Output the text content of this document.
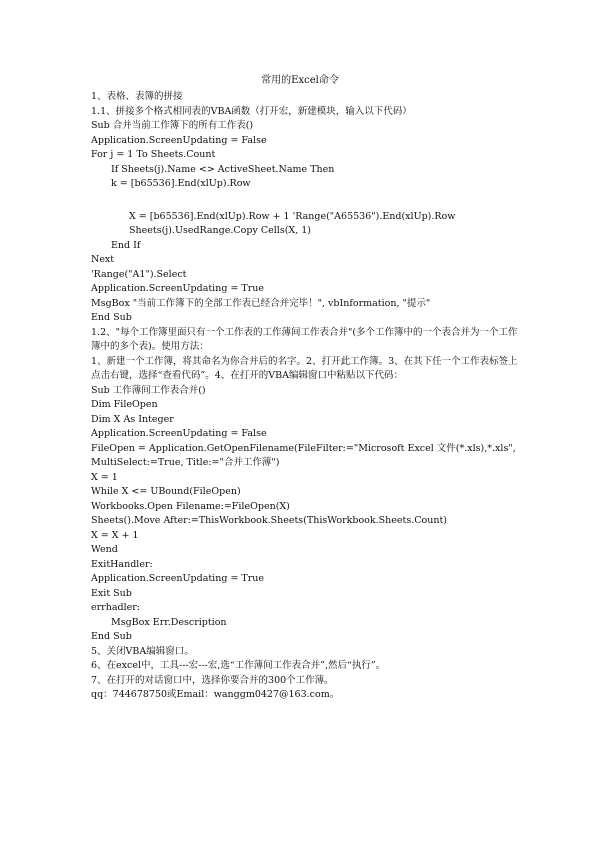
常用的Excel命令
1、表格、表簿的拼接
1.1、拼接多个格式相同表的VBA函数（打开宏，新建模块，输入以下代码）
Sub 合并当前工作簿下的所有工作表()
Application.ScreenUpdating = False
For j = 1 To Sheets.Count
If Sheets(j).Name <> ActiveSheet.Name Then
k = [b65536].End(xlUp).Row
X = [b65536].End(xlUp).Row + 1 'Range("A65536").End(xlUp).Row
Sheets(j).UsedRange.Copy Cells(X, 1)
End If
Next
'Range("A1").Select
Application.ScreenUpdating = True
MsgBox "当前工作簿下的全部工作表已经合并完毕！", vbInformation, "提示"
End Sub
1.2、"每个工作簿里面只有一个工作表的工作薄间工作表合并"(多个工作簿中的一个表合并为一个工作簿中的多个表)。使用方法：
1、新建一个工作簿，将其命名为你合并后的名字。2、打开此工作簿。3、在其下任一个工作表标签上点击右键，选择“查看代码”。4、在打开的VBA编辑窗口中粘贴以下代码：
Sub 工作薄间工作表合并()
Dim FileOpen
Dim X As Integer
Application.ScreenUpdating = False
FileOpen = Application.GetOpenFilename(FileFilter:="Microsoft Excel 文件(*.xls),*.xls", MultiSelect:=True, Title:="合并工作薄")
X = 1
While X <= UBound(FileOpen)
Workbooks.Open Filename:=FileOpen(X)
Sheets().Move After:=ThisWorkbook.Sheets(ThisWorkbook.Sheets.Count)
X = X + 1
Wend
ExitHandler:
Application.ScreenUpdating = True
Exit Sub
errhadler:
MsgBox Err.Description
End Sub
5、关闭VBA编辑窗口。
6、在excel中，工具---宏---宏,选“工作薄间工作表合并”,然后“执行”。
7、在打开的对话窗口中，选择你要合并的300个工作薄。
qq：744678750或Email：wanggm0427@163.com。
